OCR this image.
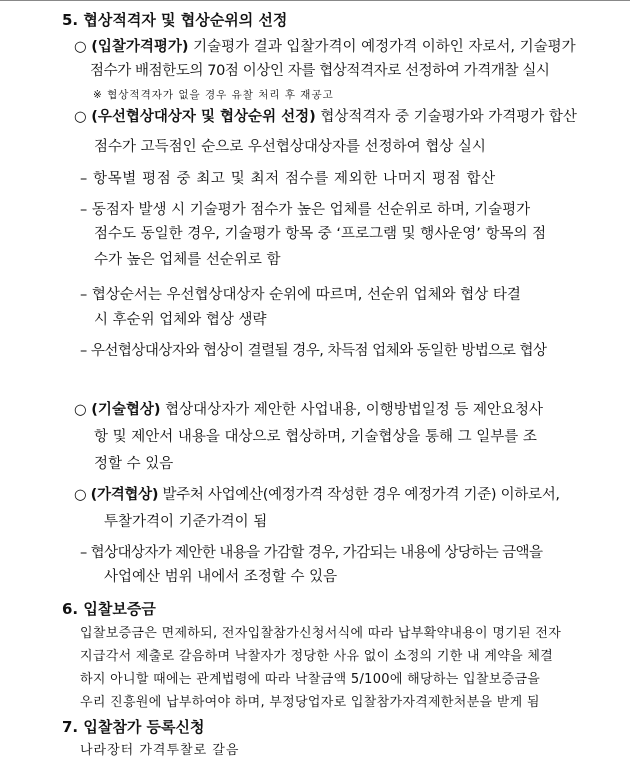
5. 협상적격자 및 협상순위의 선정
○ (입찰가격평가) 기술평가 결과 입찰가격이 예정가격 이하인 자로서, 기술평가
점수가 배점한도의 70점 이상인 자를 협상적격자로 선정하여 가격개찰 실시
※ 협상적격자가 없을 경우 유찰 처리 후 재공고
○ (우선협상대상자 및 협상순위 선정) 협상적격자 중 기술평가와 가격평가 합산
점수가 고득점인 순으로 우선협상대상자를 선정하여 협상 실시
– 항목별 평점 중 최고 및 최저 점수를 제외한 나머지 평점 합산
– 동점자 발생 시 기술평가 점수가 높은 업체를 선순위로 하며, 기술평가
점수도 동일한 경우, 기술평가 항목 중 ‘프로그램 및 행사운영’ 항목의 점
수가 높은 업체를 선순위로 함
– 협상순서는 우선협상대상자 순위에 따르며, 선순위 업체와 협상 타결
시 후순위 업체와 협상 생략
– 우선협상대상자와 협상이 결렬될 경우, 차득점 업체와 동일한 방법으로 협상
○ (기술협상) 협상대상자가 제안한 사업내용, 이행방법일정 등 제안요청사
항 및 제안서 내용을 대상으로 협상하며, 기술협상을 통해 그 일부를 조
정할 수 있음
○ (가격협상) 발주처 사업예산(예정가격 작성한 경우 예정가격 기준) 이하로서,
투찰가격이 기준가격이 됨
– 협상대상자가 제안한 내용을 가감할 경우, 가감되는 내용에 상당하는 금액을
사업예산 범위 내에서 조정할 수 있음
6. 입찰보증금
입찰보증금은 면제하되, 전자입찰참가신청서식에 따라 납부확약내용이 명기된 전자
지급각서 제출로 갈음하며 낙찰자가 정당한 사유 없이 소정의 기한 내 계약을 체결
하지 아니할 때에는 관계법령에 따라 낙찰금액 5/100에 해당하는 입찰보증금을
우리 진흥원에 납부하여야 하며, 부정당업자로 입찰참가자격제한처분을 받게 됨
7. 입찰참가 등록신청
나라장터 가격투찰로 갈음
